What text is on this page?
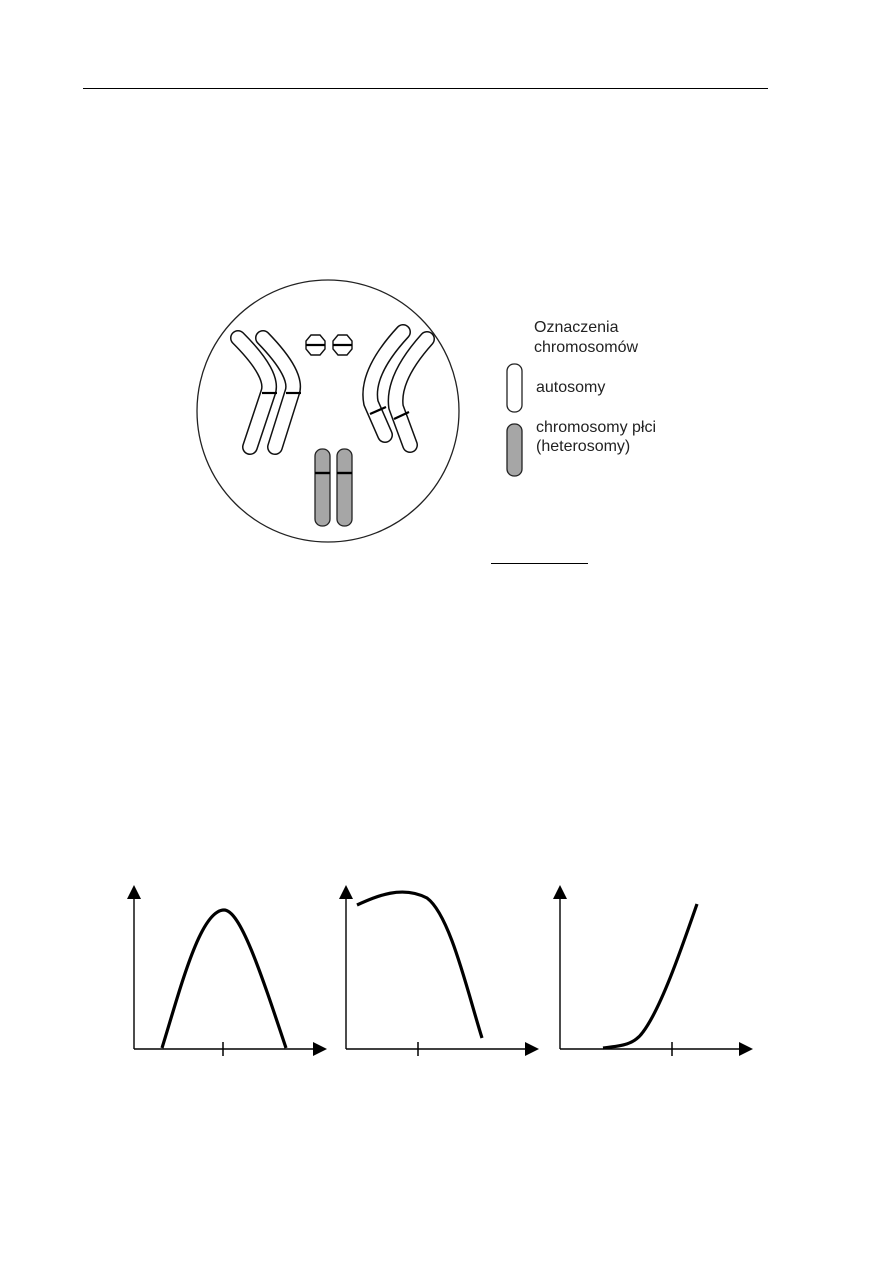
Oznaczenia chromosomów
autosomy
chromosomy płci (heterosomy)
